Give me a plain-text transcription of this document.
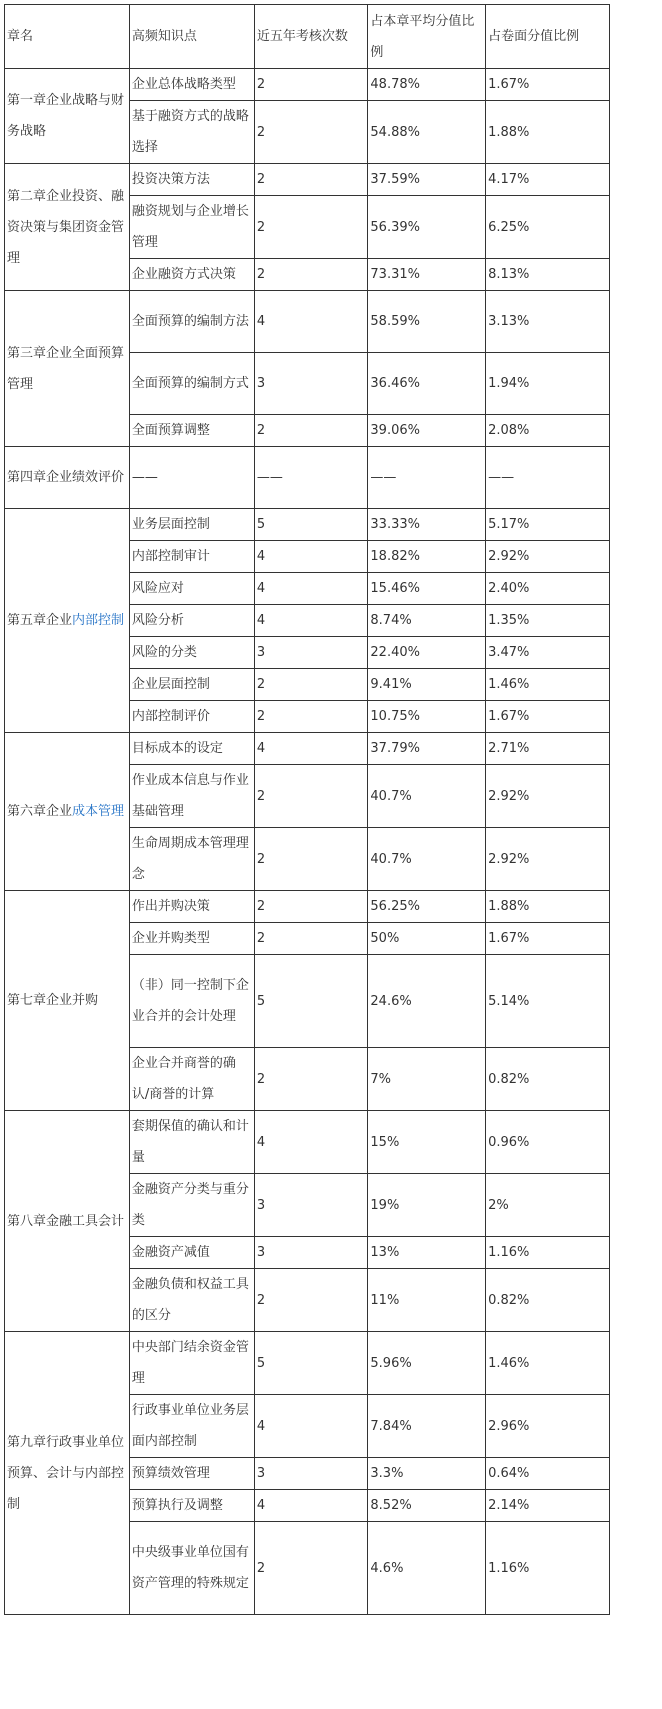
章名	高频知识点	近五年考核次数	占本章平均分值比例	占卷面分值比例
第一章企业战略与财务战略	企业总体战略类型	2	48.78%	1.67%
	基于融资方式的战略选择	2	54.88%	1.88%
第二章企业投资、融资决策与集团资金管理	投资决策方法	2	37.59%	4.17%
	融资规划与企业增长管理	2	56.39%	6.25%
	企业融资方式决策	2	73.31%	8.13%
第三章企业全面预算管理	全面预算的编制方法	4	58.59%	3.13%
	全面预算的编制方式	3	36.46%	1.94%
	全面预算调整	2	39.06%	2.08%
第四章企业绩效评价	——	——	——	——
第五章企业内部控制	业务层面控制	5	33.33%	5.17%
	内部控制审计	4	18.82%	2.92%
	风险应对	4	15.46%	2.40%
	风险分析	4	8.74%	1.35%
	风险的分类	3	22.40%	3.47%
	企业层面控制	2	9.41%	1.46%
	内部控制评价	2	10.75%	1.67%
第六章企业成本管理	目标成本的设定	4	37.79%	2.71%
	作业成本信息与作业基础管理	2	40.7%	2.92%
	生命周期成本管理理念	2	40.7%	2.92%
第七章企业并购	作出并购决策	2	56.25%	1.88%
	企业并购类型	2	50%	1.67%
	（非）同一控制下企业合并的会计处理	5	24.6%	5.14%
	企业合并商誉的确认/商誉的计算	2	7%	0.82%
第八章金融工具会计	套期保值的确认和计量	4	15%	0.96%
	金融资产分类与重分类	3	19%	2%
	金融资产减值	3	13%	1.16%
	金融负债和权益工具的区分	2	11%	0.82%
第九章行政事业单位预算、会计与内部控制	中央部门结余资金管理	5	5.96%	1.46%
	行政事业单位业务层面内部控制	4	7.84%	2.96%
	预算绩效管理	3	3.3%	0.64%
	预算执行及调整	4	8.52%	2.14%
	中央级事业单位国有资产管理的特殊规定	2	4.6%	1.16%
